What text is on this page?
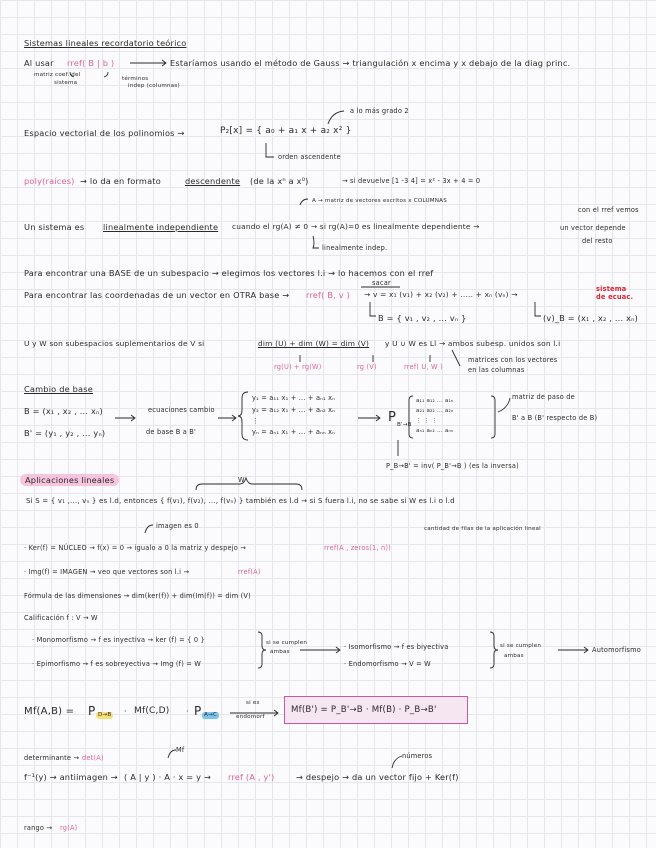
Sistemas lineales recordatorio teórico
Al usar rref( B | b )	Estaríamos usando el método de Gauss → triangulación x encima y x debajo de la diag princ.
matriz coef. del
sistema
términos
indep (columnas)
a lo más grado 2
Espacio vectorial de los polinomios →	P₂[x] = { a₀ + a₁ x + a₂ x² }
orden ascendente
poly(raíces) → lo da en formato	descendente (de la xⁿ a x⁰)	→ si devuelve [1 -3 4] = x² - 3x + 4 = 0
A → matriz de vectores escritos x COLUMNAS
Un sistema es linealmente independiente cuando el rg(A) ≠ 0 → si rg(A)=0 es linealmente dependiente →	un vector depende
con el rref vemos
del resto
linealmente indep.
Para encontrar una BASE de un subespacio → elegimos los vectores l.i → lo hacemos con el rref
Para encontrar las coordenadas de un vector en OTRA base → rref( B, v )
sacar
→ v = x₁ (v₁) + x₂ (v₂) + ..... + xₙ (vₙ) →
sistema
de ecuac.
B = { v₁ , v₂ , ... vₙ }	(v)_B = (x₁ , x₂ , ... xₙ)
U y W son subespacios suplementarios de V si	dim (U) + dim (W) = dim (V) y U ∪ W es Ll → ambos subesp. unidos son l.i
rg(U) + rg(W)	rg (V)	rref( U, W )
matrices con los vectores
en las columnas
Cambio de base
B = (x₁ , x₂ , ... xₙ)
B' = (y₁ , y₂ , ... yₙ)
ecuaciones cambio
de base B a B'
y₁ = a₁₁ x₁ + ... + aₙ₁ xₙ
y₂ = a₁₂ x₁ + ... + aₙ₂ xₙ
⋮
yₙ = aₙ₁ x₁ + ... + aₙₙ xₙ
P B'→B
a₁₁ a₁₂ ... a₁ₙ
a₂₁ a₂₂ ... a₂ₙ
⋮ ⋮ ⋮
aₙ₁ aₙ₂ ... aₙₙ
matriz de paso de
B' a B (B' respecto de B)
P_B→B' = inv( P_B'→B ) (es la inversa)
Aplicaciones lineales	W
Si S = { v₁ ,..., vₙ } es l.d, entonces { f(v₁), f(v₂), ..., f(vₙ) } también es l.d → si S fuera l.i, no se sabe si W es l.i o l.d
imagen es 0	cantidad de filas de la aplicación lineal
· Ker(f) = NÚCLEO → f(x) = 0 → igualo a 0 la matriz y despejo →	rref(A , zeros(1, n))
· Img(f) = IMAGEN → veo que vectores son l.i →	rref(A)
Fórmula de las dimensiones → dim(ker(f)) + dim(Im(f)) = dim (V)
Calificación f : V → W
· Monomorfismo → f es inyectiva → ker (f) = { 0 }
· Epimorfismo → f es sobreyectiva → Img (f) = W
si se cumplen
ambas
· Isomorfismo → f es biyectiva
· Endomorfismo → V = W
si se cumplen
ambas
Automorfismo
Mf(A,B) = P D→B · Mf(C,D) · P A→C
si es
endomorf
Mf(B') = P_B'→B · Mf(B) · P_B→B'
determinante → det(A)
Mf
números
f⁻¹(y) → antiimagen → ( A | y ) · A · x = y → rref (A , y')	→ despejo → da un vector fijo + Ker(f)
rango → rg(A)
